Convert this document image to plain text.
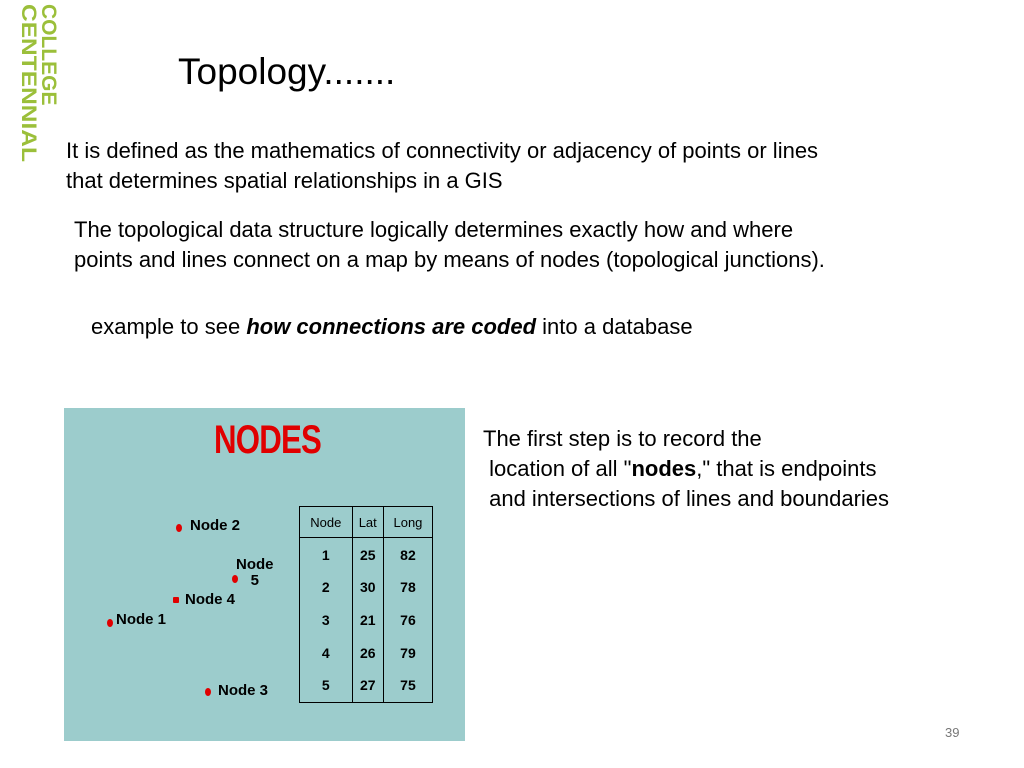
COLLEGE
CENTENNIAL	Topology.......
It is defined as the mathematics of connectivity or adjacency of points or lines
that determines spatial relationships in a GIS
The topological data structure logically determines exactly how and where
points and lines connect on a map by means of nodes (topological junctions).
example to see how connections are coded into a database
The first step is to record the
location of all "nodes," that is endpoints
and intersections of lines and boundaries
NODES
Node 2
Node
5
Node 4
Node 1
Node 3
Node	Lat	Long
1	25	82
2	30	78
3	21	76
4	26	79
5	27	75
39
